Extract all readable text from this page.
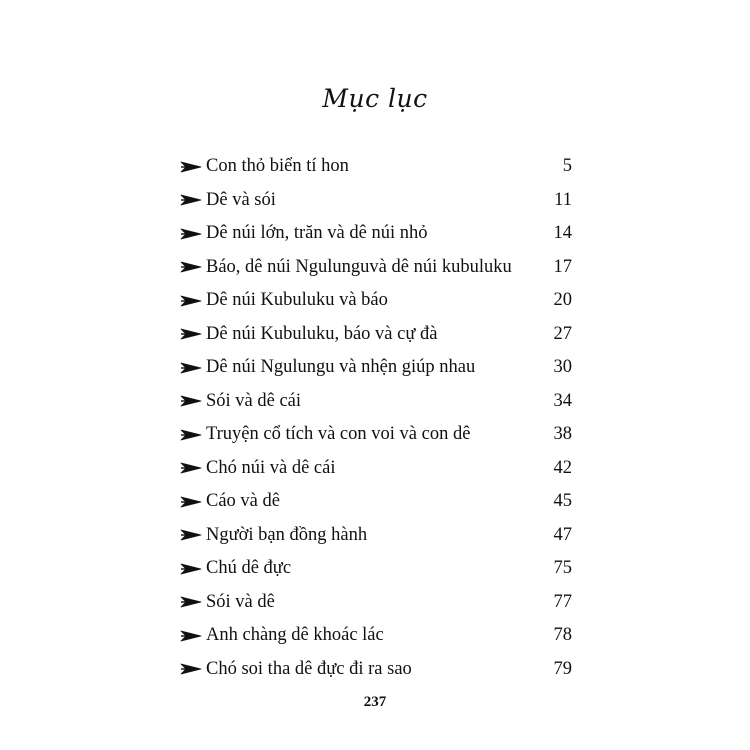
Mục lục
Con thỏ biển tí hon	5
Dê và sói	11
Dê núi lớn, trăn và dê núi nhỏ	14
Báo, dê núi Ngulunguvà dê núi kubuluku	17
Dê núi Kubuluku và báo	20
Dê núi Kubuluku, báo và cự đà	27
Dê núi Ngulungu và nhện giúp nhau	30
Sói và dê cái	34
Truyện cổ tích và con voi và con dê	38
Chó núi và dê cái	42
Cáo và dê	45
Người bạn đồng hành	47
Chú dê đực	75
Sói và dê	77
Anh chàng dê khoác lác	78
Chó soi tha dê đực đi ra sao	79
237
